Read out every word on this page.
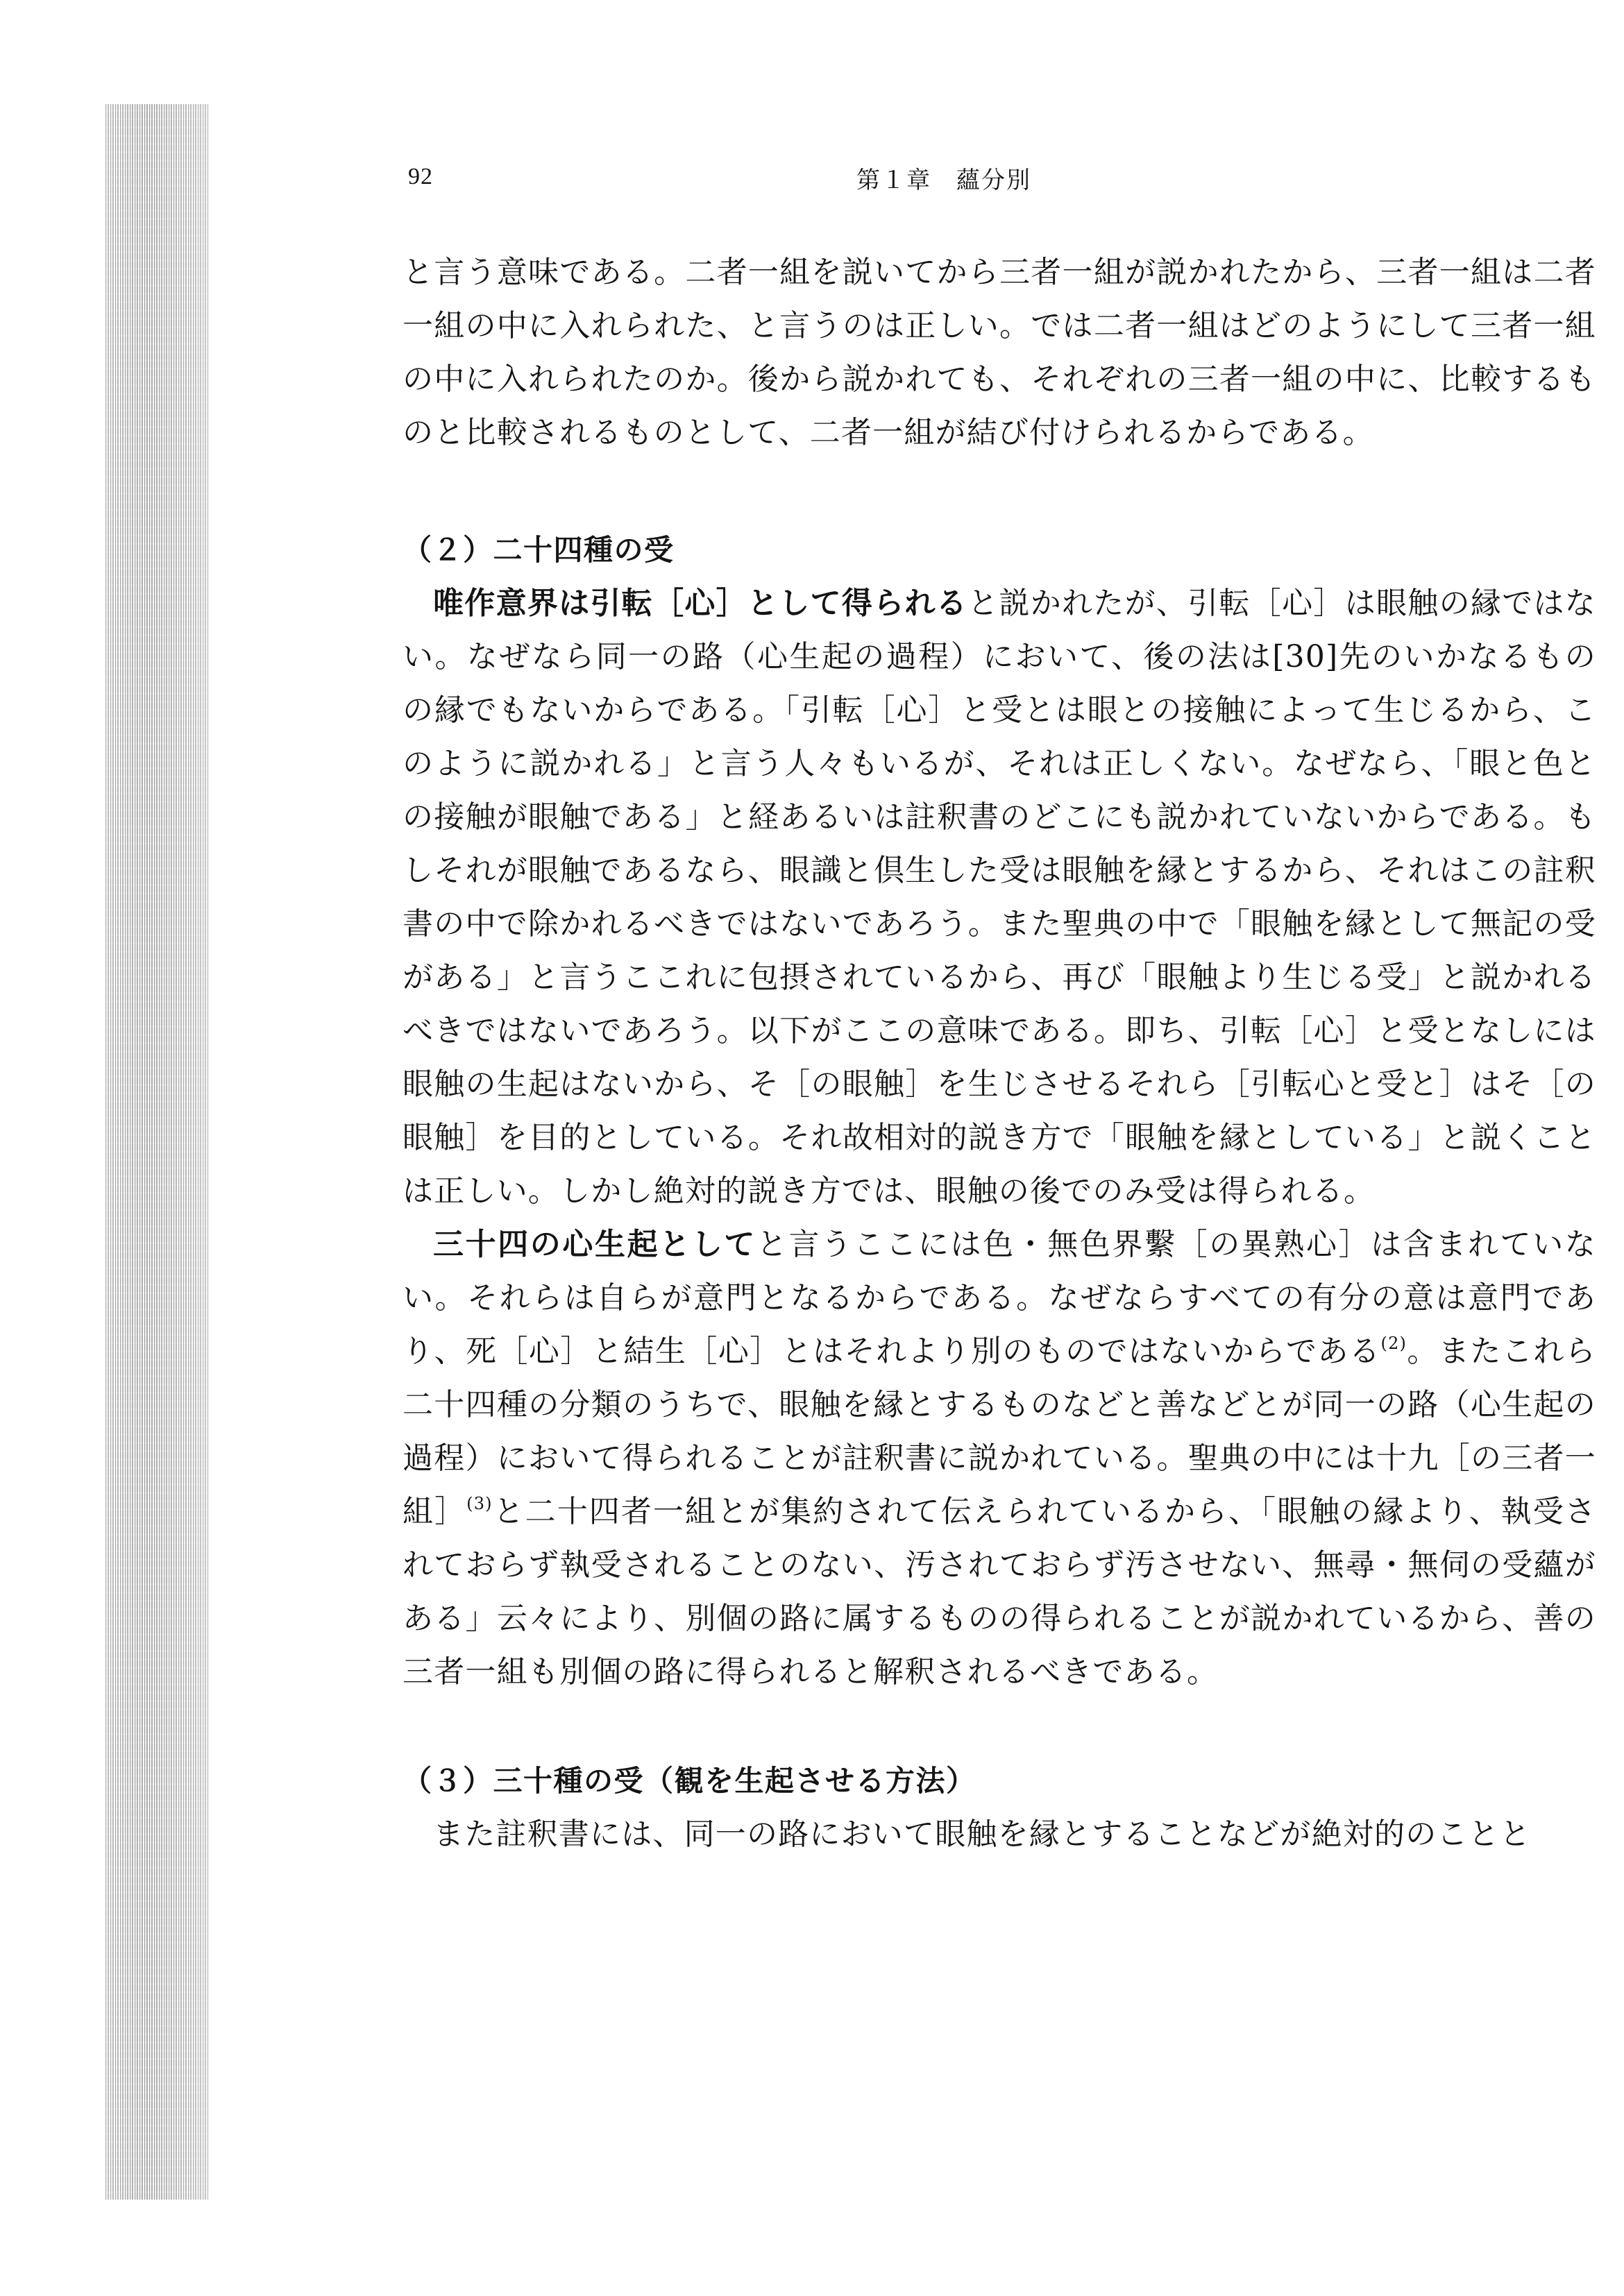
92	第１章　蘊分別

と言う意味である。二者一組を説いてから三者一組が説かれたから、三者一組は二者一組の中に入れられた、と言うのは正しい。では二者一組はどのようにして三者一組の中に入れられたのか。後から説かれても、それぞれの三者一組の中に、比較するものと比較されるものとして、二者一組が結び付けられるからである。

（２）二十四種の受

唯作意界は引転［心］として得られると説かれたが、引転［心］は眼触の縁ではない。なぜなら同一の路（心生起の過程）において、後の法は[30]先のいかなるものの縁でもないからである。「引転［心］と受とは眼との接触によって生じるから、このように説かれる」と言う人々もいるが、それは正しくない。なぜなら、「眼と色との接触が眼触である」と経あるいは註釈書のどこにも説かれていないからである。もしそれが眼触であるなら、眼識と倶生した受は眼触を縁とするから、それはこの註釈書の中で除かれるべきではないであろう。また聖典の中で「眼触を縁として無記の受がある」と言うここれに包摂されているから、再び「眼触より生じる受」と説かれるべきではないであろう。以下がここの意味である。即ち、引転［心］と受となしには眼触の生起はないから、そ［の眼触］を生じさせるそれら［引転心と受と］はそ［の眼触］を目的としている。それ故相対的説き方で「眼触を縁としている」と説くことは正しい。しかし絶対的説き方では、眼触の後でのみ受は得られる。

三十四の心生起としてと言うここには色・無色界繫［の異熟心］は含まれていない。それらは自らが意門となるからである。なぜならすべての有分の意は意門であり、死［心］と結生［心］とはそれより別のものではないからである$^{(2)}$。またこれら二十四種の分類のうちで、眼触を縁とするものなどと善などとが同一の路（心生起の過程）において得られることが註釈書に説かれている。聖典の中には十九［の三者一組］$^{(3)}$と二十四者一組とが集約されて伝えられているから、「眼触の縁より、執受されておらず執受されることのない、汚されておらず汚させない、無尋・無伺の受蘊がある」云々により、別個の路に属するものの得られることが説かれているから、善の三者一組も別個の路に得られると解釈されるべきである。

（３）三十種の受（観を生起させる方法）

また註釈書には、同一の路において眼触を縁とすることなどが絶対的のことと
